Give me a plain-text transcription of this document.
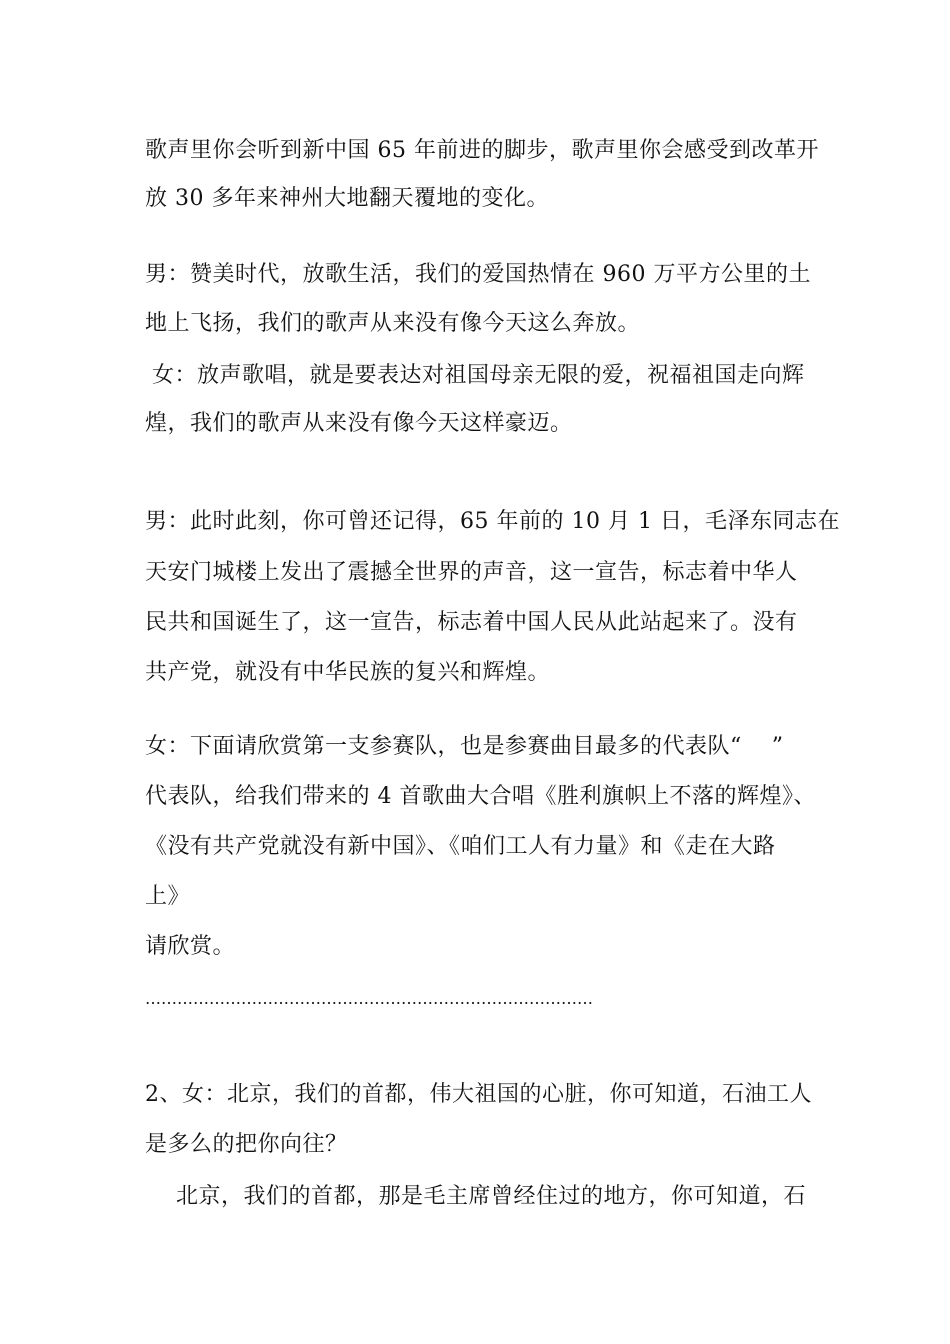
歌声里你会听到新中国 65 年前进的脚步，歌声里你会感受到改革开
放 30 多年来神州大地翻天覆地的变化。
男：赞美时代，放歌生活，我们的爱国热情在 960 万平方公里的土
地上飞扬，我们的歌声从来没有像今天这么奔放。
女：放声歌唱，就是要表达对祖国母亲无限的爱，祝福祖国走向辉
煌，我们的歌声从来没有像今天这样豪迈。
男：此时此刻，你可曾还记得，65 年前的 10 月 1 日，毛泽东同志在
天安门城楼上发出了震撼全世界的声音，这一宣告，标志着中华人
民共和国诞生了，这一宣告，标志着中国人民从此站起来了。没有
共产党，就没有中华民族的复兴和辉煌。
女：下面请欣赏第一支参赛队，也是参赛曲目最多的代表队“　 ”
代表队，给我们带来的 4 首歌曲大合唱《胜利旗帜上不落的辉煌》、
《没有共产党就没有新中国》、《咱们工人有力量》和《走在大路
上》
请欣赏。
…………………………………………………………………………
2、女：北京，我们的首都，伟大祖国的心脏，你可知道，石油工人
是多么的把你向往？
北京，我们的首都，那是毛主席曾经住过的地方，你可知道，石
